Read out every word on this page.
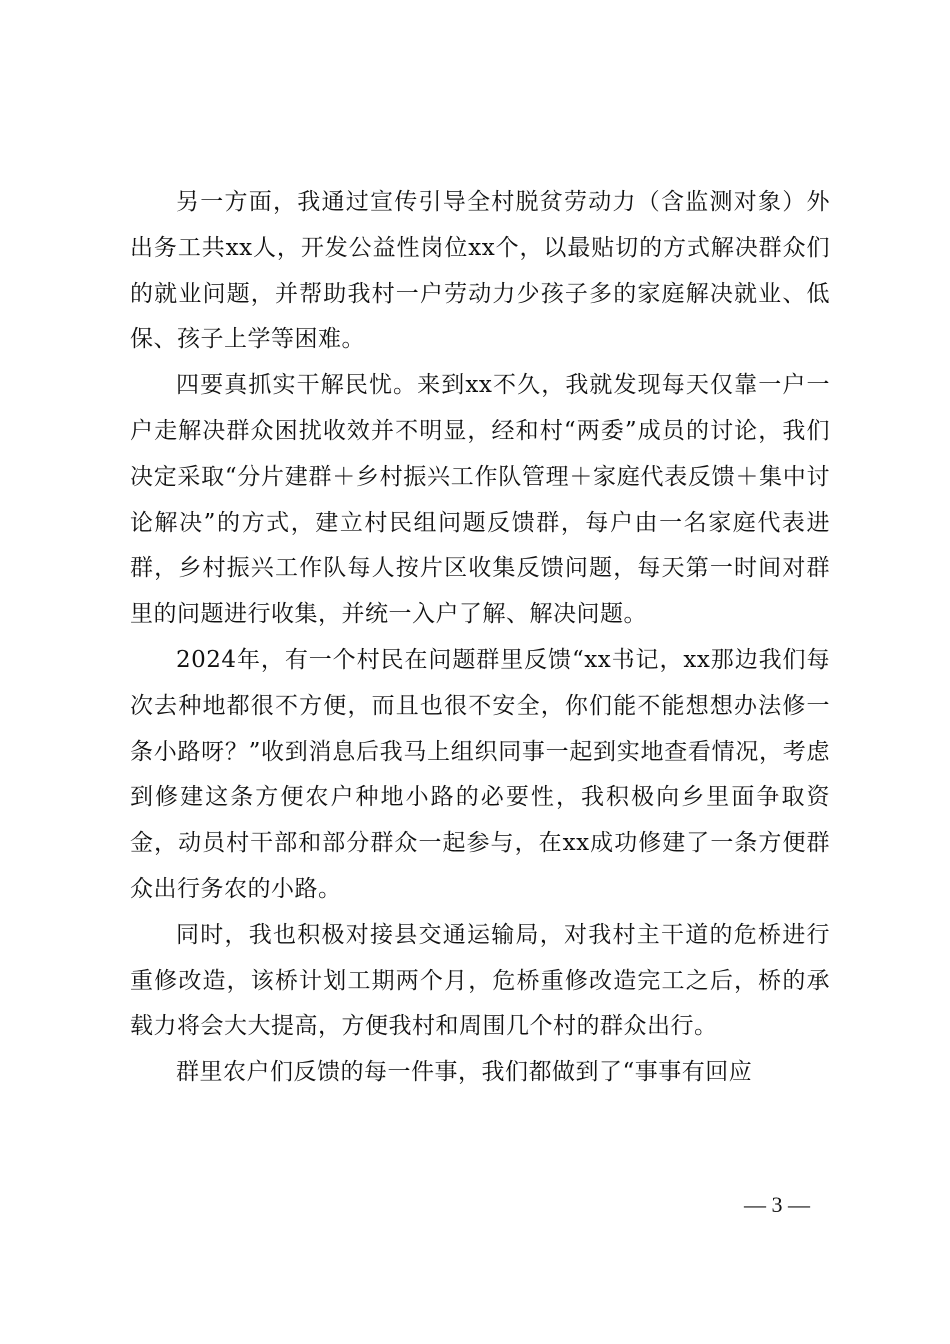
另一方面，我通过宣传引导全村脱贫劳动力（含监测对象）外出务工共xx人，开发公益性岗位xx个，以最贴切的方式解决群众们的就业问题，并帮助我村一户劳动力少孩子多的家庭解决就业、低保、孩子上学等困难。

四要真抓实干解民忧。来到xx不久，我就发现每天仅靠一户一户走解决群众困扰收效并不明显，经和村“两委”成员的讨论，我们决定采取“分片建群＋乡村振兴工作队管理＋家庭代表反馈＋集中讨论解决”的方式，建立村民组问题反馈群，每户由一名家庭代表进群，乡村振兴工作队每人按片区收集反馈问题，每天第一时间对群里的问题进行收集，并统一入户了解、解决问题。

2024年，有一个村民在问题群里反馈“xx书记，xx那边我们每次去种地都很不方便，而且也很不安全，你们能不能想想办法修一条小路呀？”收到消息后我马上组织同事一起到实地查看情况，考虑到修建这条方便农户种地小路的必要性，我积极向乡里面争取资金，动员村干部和部分群众一起参与，在xx成功修建了一条方便群众出行务农的小路。

同时，我也积极对接县交通运输局，对我村主干道的危桥进行重修改造，该桥计划工期两个月，危桥重修改造完工之后，桥的承载力将会大大提高，方便我村和周围几个村的群众出行。

群里农户们反馈的每一件事，我们都做到了“事事有回应

— 3 —
